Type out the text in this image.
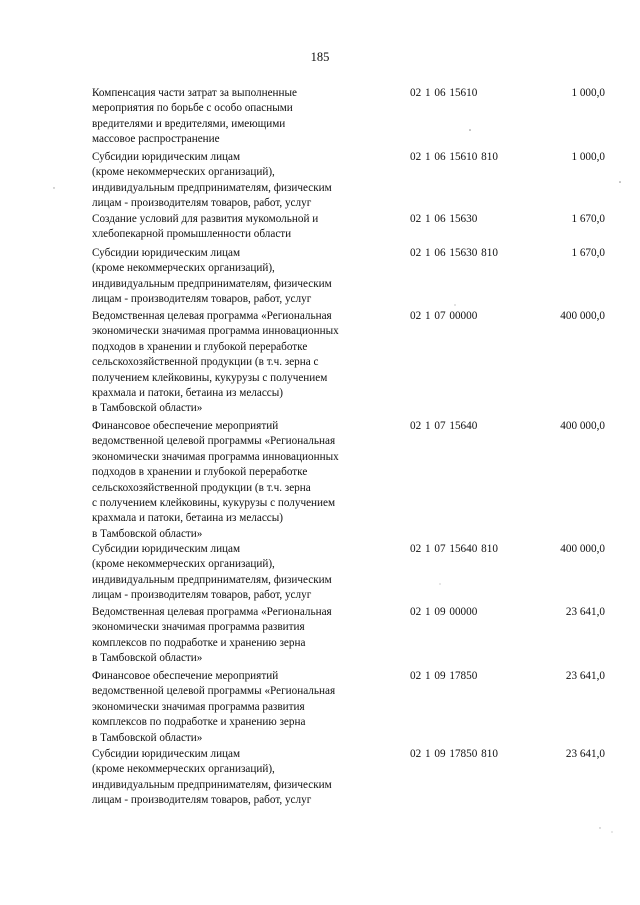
185
Компенсация части затрат за выполненные
мероприятия по борьбе с особо опасными
вредителями и вредителями, имеющими
массовое распространение
02 1 06 15610	1 000,0
Субсидии юридическим лицам
(кроме некоммерческих организаций),
индивидуальным предпринимателям, физическим
лицам - производителям товаров, работ, услуг
02 1 06 15610 810	1 000,0
Создание условий для развития мукомольной и
хлебопекарной промышленности области
02 1 06 15630	1 670,0
Субсидии юридическим лицам
(кроме некоммерческих организаций),
индивидуальным предпринимателям, физическим
лицам - производителям товаров, работ, услуг
02 1 06 15630 810	1 670,0
Ведомственная целевая программа «Региональная
экономически значимая программа инновационных
подходов в хранении и глубокой переработке
сельскохозяйственной продукции (в т.ч. зерна с
получением клейковины, кукурузы с получением
крахмала и патоки, бетаина из мелассы)
в Тамбовской области»
02 1 07 00000	400 000,0
Финансовое обеспечение мероприятий
ведомственной целевой программы «Региональная
экономически значимая программа инновационных
подходов в хранении и глубокой переработке
сельскохозяйственной продукции (в т.ч. зерна
с получением клейковины, кукурузы с получением
крахмала и патоки, бетаина из мелассы)
в Тамбовской области»
02 1 07 15640	400 000,0
Субсидии юридическим лицам
(кроме некоммерческих организаций),
индивидуальным предпринимателям, физическим
лицам - производителям товаров, работ, услуг
02 1 07 15640 810	400 000,0
Ведомственная целевая программа «Региональная
экономически значимая программа развития
комплексов по подработке и хранению зерна
в Тамбовской области»
02 1 09 00000	23 641,0
Финансовое обеспечение мероприятий
ведомственной целевой программы «Региональная
экономически значимая программа развития
комплексов по подработке и хранению зерна
в Тамбовской области»
02 1 09 17850	23 641,0
Субсидии юридическим лицам
(кроме некоммерческих организаций),
индивидуальным предпринимателям, физическим
лицам - производителям товаров, работ, услуг
02 1 09 17850 810	23 641,0
